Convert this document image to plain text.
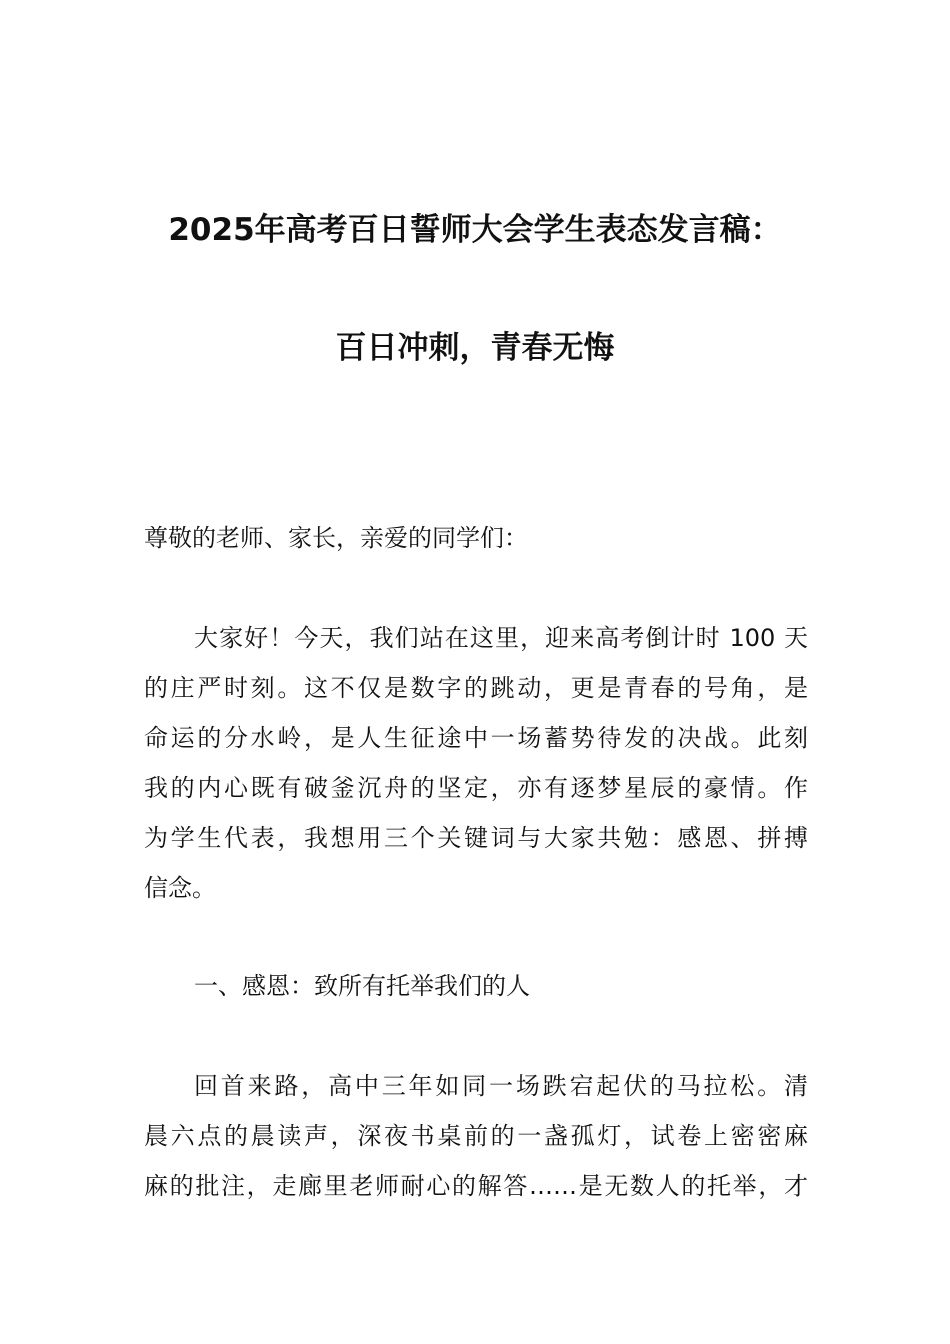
2025年高考百日誓师大会学生表态发言稿：
百日冲刺，青春无悔
尊敬的老师、家长，亲爱的同学们：
大家好！今天，我们站在这里，迎来高考倒计时 100 天
的庄严时刻。这不仅是数字的跳动，更是青春的号角，是
命运的分水岭，是人生征途中一场蓄势待发的决战。此刻
我的内心既有破釜沉舟的坚定，亦有逐梦星辰的豪情。作
为学生代表，我想用三个关键词与大家共勉：感恩、拼搏
信念。
一、感恩：致所有托举我们的人
回首来路，高中三年如同一场跌宕起伏的马拉松。清
晨六点的晨读声，深夜书桌前的一盏孤灯，试卷上密密麻
麻的批注，走廊里老师耐心的解答……是无数人的托举，才
